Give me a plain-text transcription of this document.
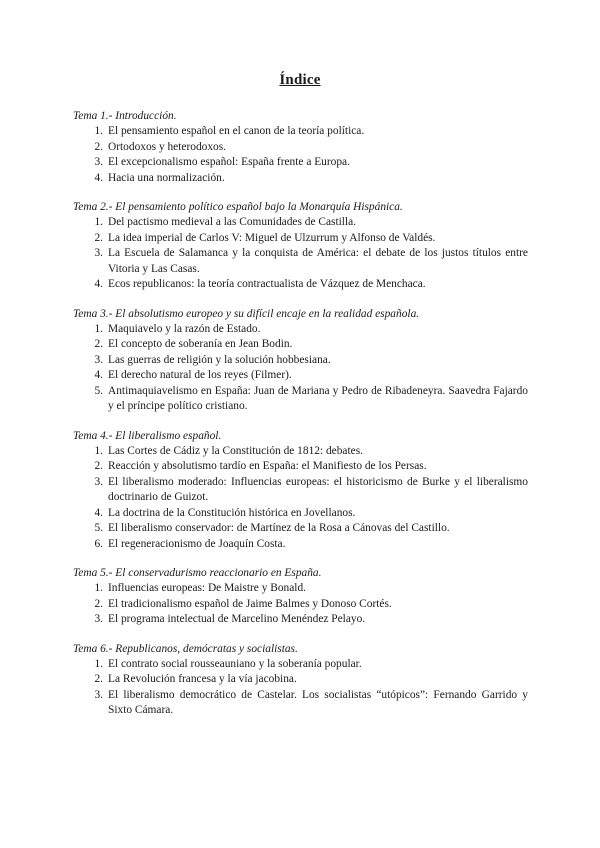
Índice

Tema 1.- Introducción.

1. El pensamiento español en el canon de la teoría política.
2. Ortodoxos y heterodoxos.
3. El excepcionalismo español: España frente a Europa.
4. Hacia una normalización.

Tema 2.- El pensamiento político español bajo la Monarquía Hispánica.

1. Del pactismo medieval a las Comunidades de Castilla.
2. La idea imperial de Carlos V: Miguel de Ulzurrum y Alfonso de Valdés.
3. La Escuela de Salamanca y la conquista de América: el debate de los justos títulos entre Vitoria y Las Casas.
4. Ecos republicanos: la teoría contractualista de Vázquez de Menchaca.

Tema 3.- El absolutismo europeo y su difícil encaje en la realidad española.

1. Maquiavelo y la razón de Estado.
2. El concepto de soberanía en Jean Bodin.
3. Las guerras de religión y la solución hobbesiana.
4. El derecho natural de los reyes (Filmer).
5. Antimaquiavelismo en España: Juan de Mariana y Pedro de Ribadeneyra. Saavedra Fajardo y el príncipe político cristiano.

Tema 4.- El liberalismo español.

1. Las Cortes de Cádiz y la Constitución de 1812: debates.
2. Reacción y absolutismo tardío en España: el Manifiesto de los Persas.
3. El liberalismo moderado: Influencias europeas: el historicismo de Burke y el liberalismo doctrinario de Guizot.
4. La doctrina de la Constitución histórica en Jovellanos.
5. El liberalismo conservador: de Martínez de la Rosa a Cánovas del Castillo.
6. El regeneracionismo de Joaquín Costa.

Tema 5.- El conservadurismo reaccionario en España.

1. Influencias europeas: De Maistre y Bonald.
2. El tradicionalismo español de Jaime Balmes y Donoso Cortés.
3. El programa intelectual de Marcelino Menéndez Pelayo.

Tema 6.- Republicanos, demócratas y socialistas.

1. El contrato social rousseauniano y la soberanía popular.
2. La Revolución francesa y la vía jacobina.
3. El liberalismo democrático de Castelar. Los socialistas “utópicos”: Fernando Garrido y Sixto Cámara.
